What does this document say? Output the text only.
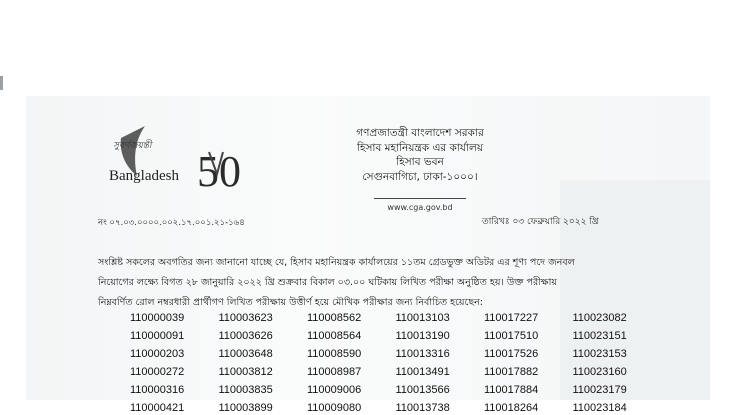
সুবর্ণজয়ন্তী
Bangladesh 50
গণপ্রজাতন্ত্রী বাংলাদেশ সরকার
হিসাব মহানিয়ন্ত্রক এর কার্যালয়
হিসাব ভবন
সেগুনবাগিচা, ঢাকা-১০০০।
www.cga.gov.bd

নং ০৭.০৩.০০০০.০০২.১৭.০০১.২১-১৬৪	তারিখঃ ০৩ ফেব্রুয়ারি ২০২২ খ্রি
সংশ্লিষ্ট সকলের অবগতির জন্য জানানো যাচ্ছে যে, হিসাব মহানিয়ন্ত্রক কার্যালয়ের ১১তম গ্রেডভুক্ত অডিটর এর শূণ্য পদে জনবল
নিয়োগের লক্ষ্যে বিগত ২৮ জানুয়ারি ২০২২ খ্রি শুক্রবার বিকাল ০৩.০০ ঘটিকায় লিখিত পরীক্ষা অনুষ্ঠিত হয়। উক্ত পরীক্ষায়
নিম্নবর্ণিত রোল নম্বরধারী প্রার্থীগণ লিখিত পরীক্ষায় উত্তীর্ণ হয়ে মৌখিক পরীক্ষার জন্য নির্বাচিত হয়েছেন:
110000039	110003623	110008562	110013103	110017227	110023082
110000091	110003626	110008564	110013190	110017510	110023151
110000203	110003648	110008590	110013316	110017526	110023153
110000272	110003812	110008987	110013491	110017882	110023160
110000316	110003835	110009006	110013566	110017884	110023179
110000421	110003899	110009080	110013738	110018264	110023184
